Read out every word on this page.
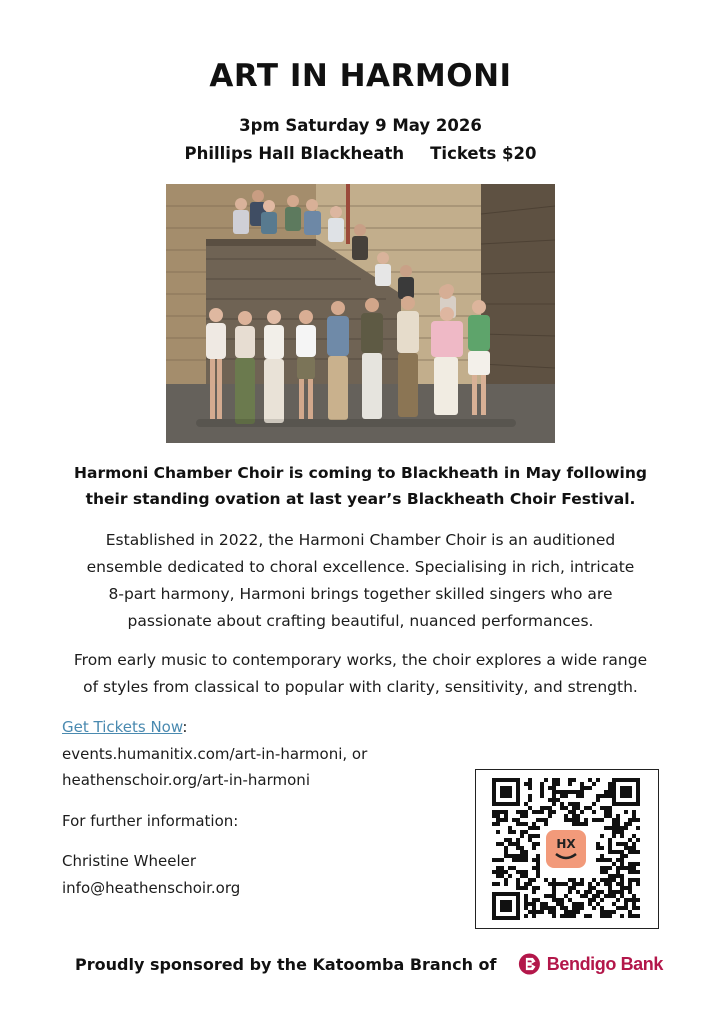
ART IN HARMONI

3pm Saturday 9 May 2026

Phillips Hall Blackheath Tickets $20

Harmoni Chamber Choir is coming to Blackheath in May following
their standing ovation at last year’s Blackheath Choir Festival.

Established in 2022, the Harmoni Chamber Choir is an auditioned
ensemble dedicated to choral excellence. Specialising in rich, intricate
8-part harmony, Harmoni brings together skilled singers who are
passionate about crafting beautiful, nuanced performances.

From early music to contemporary works, the choir explores a wide range
of styles from classical to popular with clarity, sensitivity, and strength.

Get Tickets Now:

events.humanitix.com/art-in-harmoni, or

heathenschoir.org/art-in-harmoni

For further information:

Christine Wheeler

info@heathenschoir.org

HX

Proudly sponsored by the Katoomba Branch of	Bendigo Bank
